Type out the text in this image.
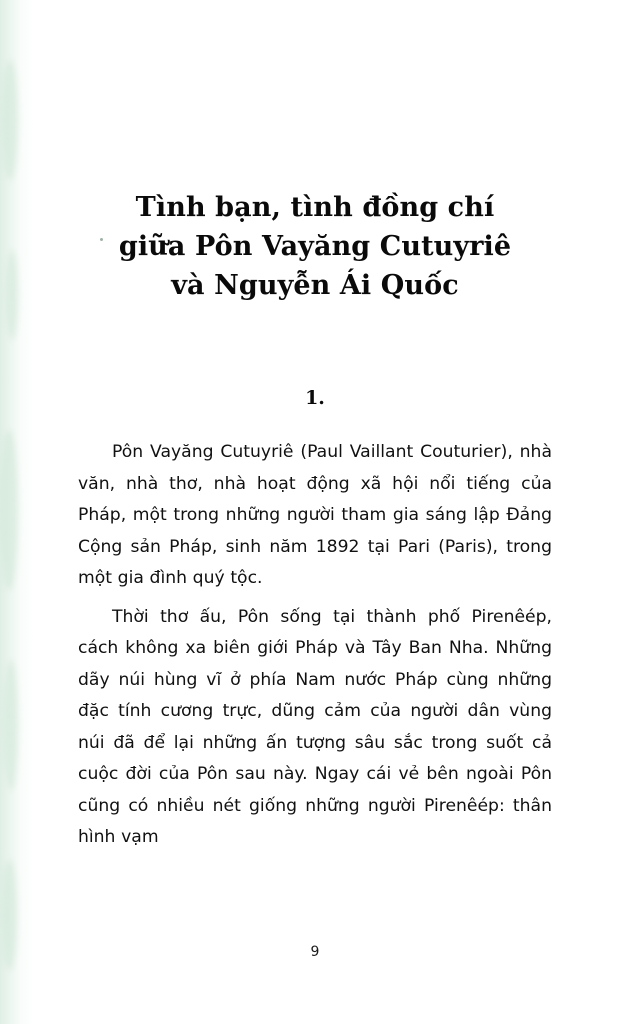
Tình bạn, tình đồng chí
giữa Pôn Vayăng Cutuyriê
và Nguyễn Ái Quốc
1.

Pôn Vayăng Cutuyriê (Paul Vaillant Couturier), nhà văn, nhà thơ, nhà hoạt động xã hội nổi tiếng của Pháp, một trong những người tham gia sáng lập Đảng Cộng sản Pháp, sinh năm 1892 tại Pari (Paris), trong một gia đình quý tộc.

Thời thơ ấu, Pôn sống tại thành phố Pirenêép, cách không xa biên giới Pháp và Tây Ban Nha. Những dãy núi hùng vĩ ở phía Nam nước Pháp cùng những đặc tính cương trực, dũng cảm của người dân vùng núi đã để lại những ấn tượng sâu sắc trong suốt cả cuộc đời của Pôn sau này. Ngay cái vẻ bên ngoài Pôn cũng có nhiều nét giống những người Pirenêép: thân hình vạm

9
